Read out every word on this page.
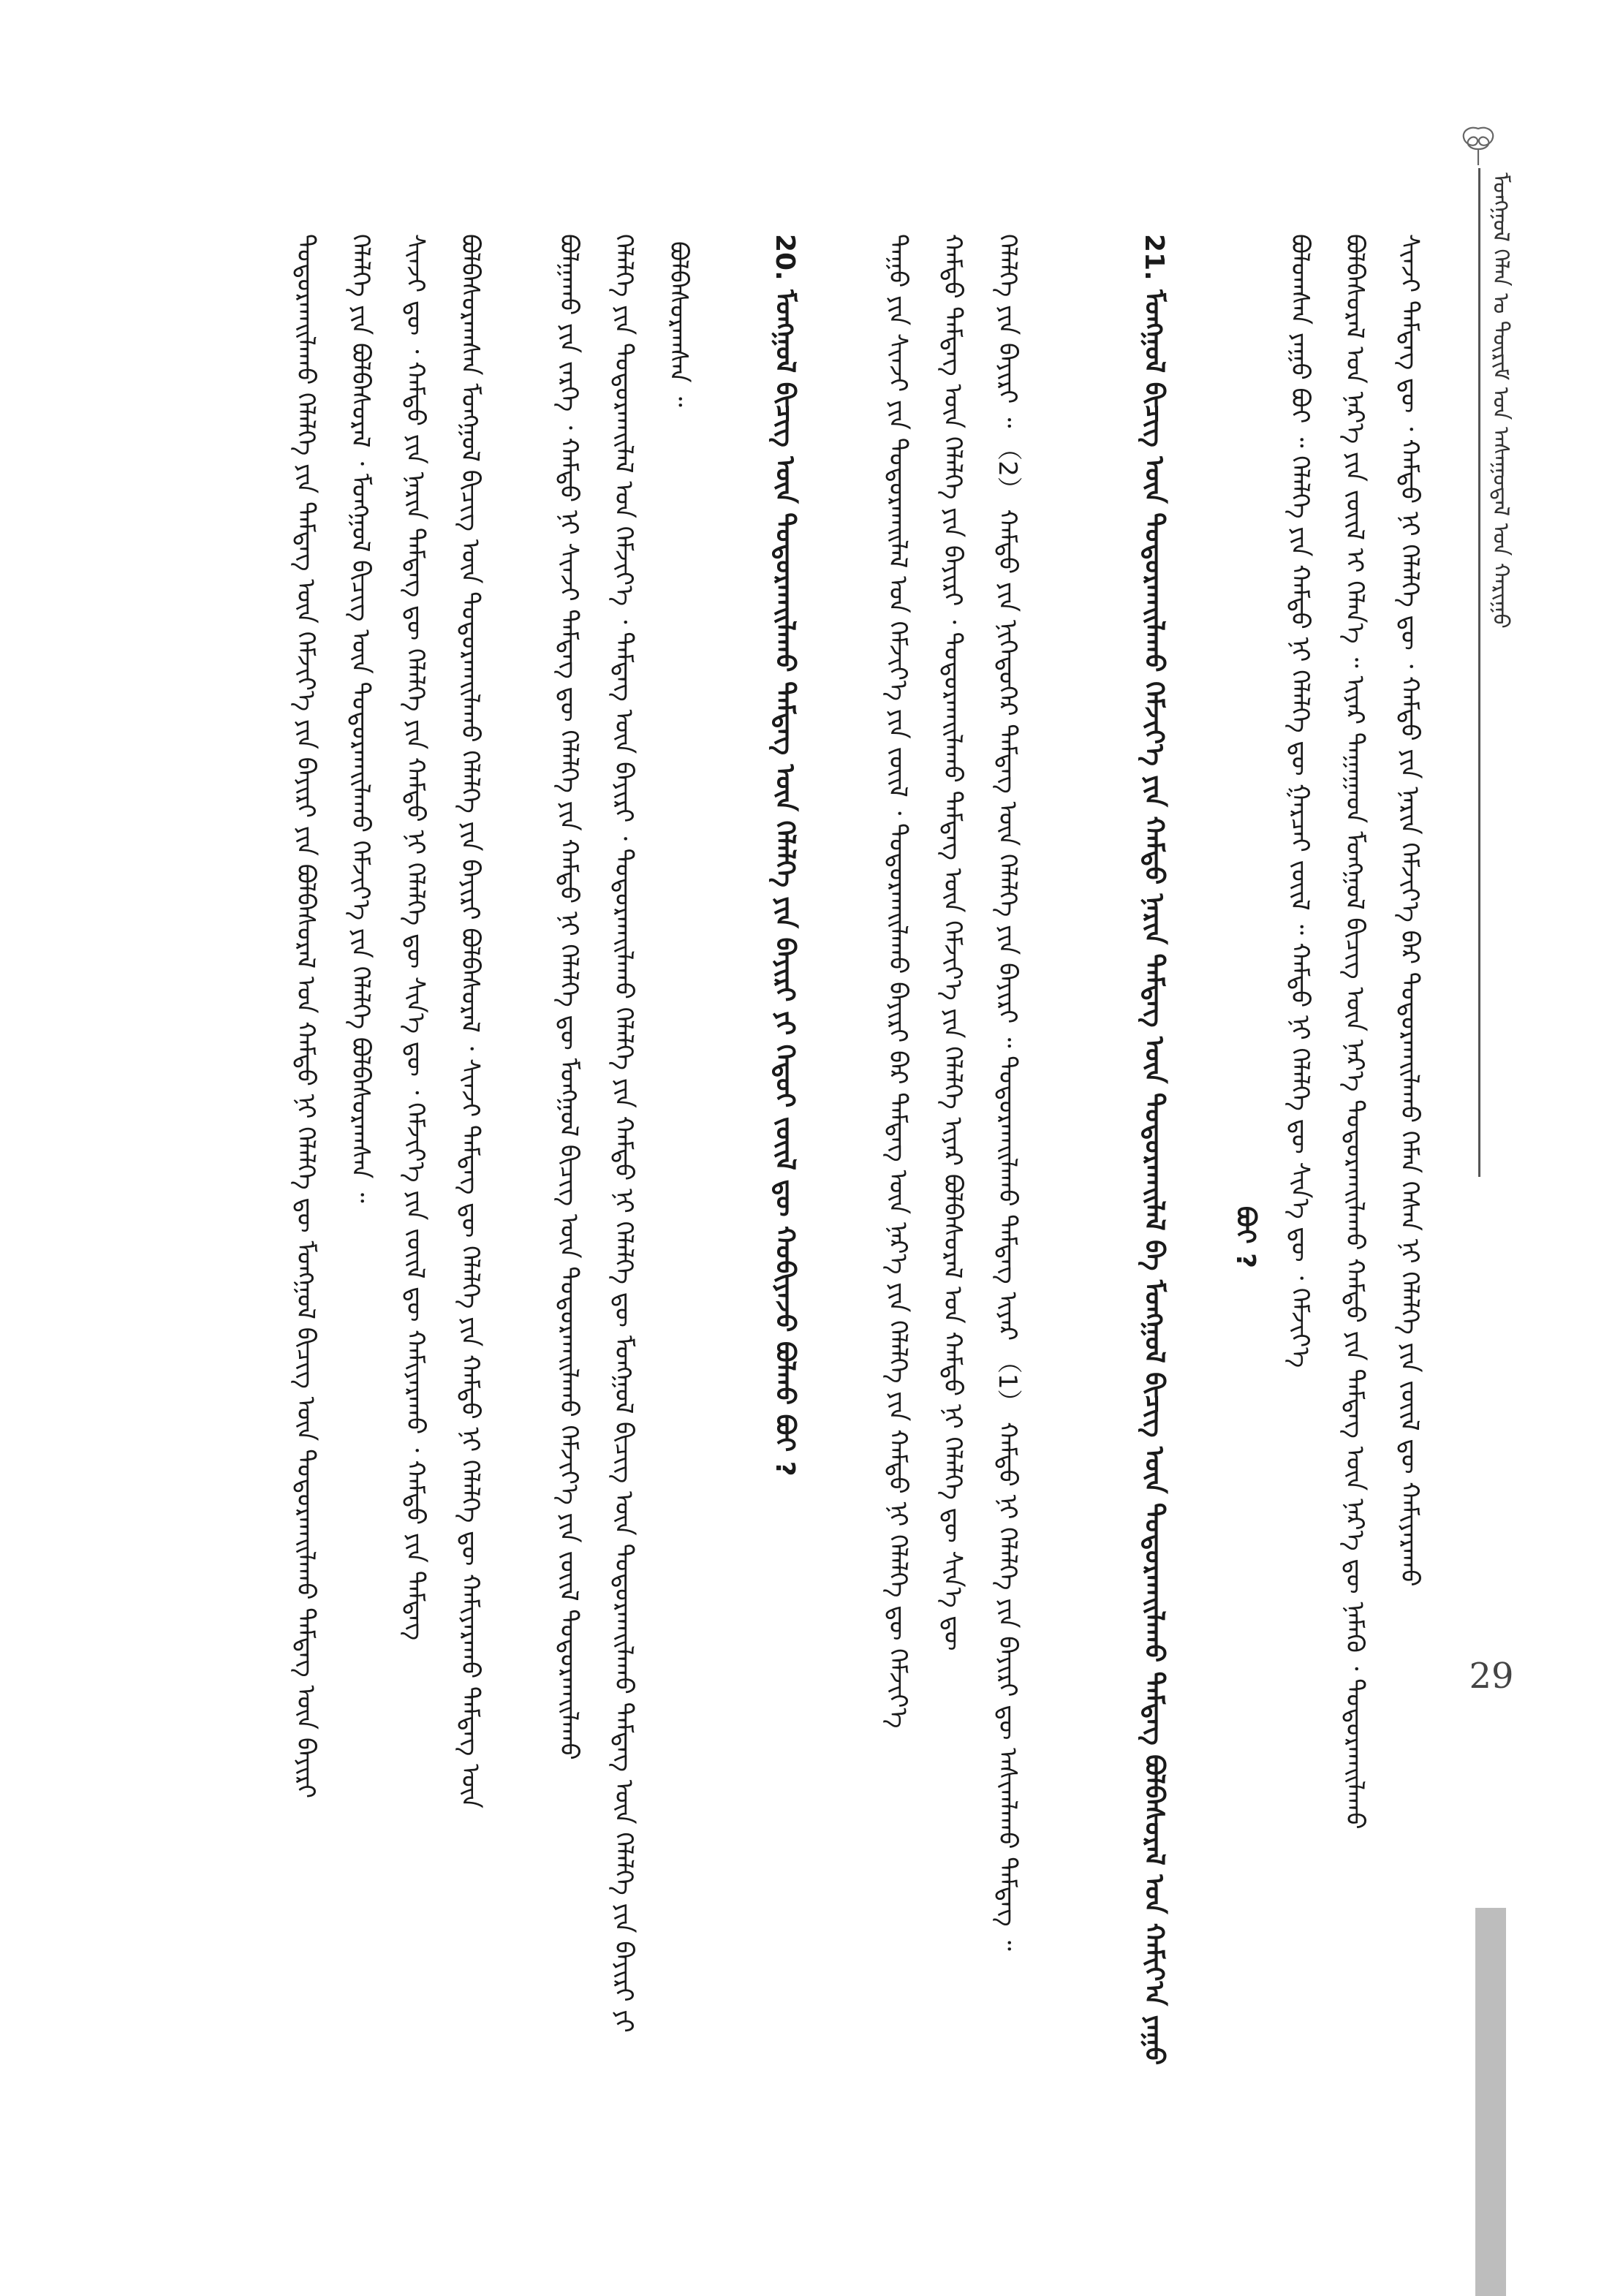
ᠮᠣᠩᠭᠣᠯ ᠬᠡᠯᠡᠨ ᠤ ᠳᠦᠷᠢᠮ ᠤᠨ ᠠᠰᠠᠭᠤᠳᠠᠯ ᠤᠨ ᠬᠠᠷᠢᠭᠤ
29
ᠰᠢᠨᠵᠢ ᠲᠡᠮᠳᠡᠭ ᠳᠦ ᠂ ᠬᠠᠮᠲᠤ ᠨᠢ ᠬᠡᠯᠡᠯᠭᠡ ᠳᠦ ᠂ ᠬᠠᠮᠲᠤ ᠶᠢᠨ ᠨᠠᠷᠢᠨ ᠬᠡᠮᠵᠢᠶ᠎ᠡ ᠪᠠᠷ ᠲᠣᠳᠤᠷᠬᠠᠢᠯᠠᠬᠤ ᠬᠡᠮᠡᠨ ᠭᠡᠰᠡᠨ ᠨᠢ ᠬᠡᠯᠡᠯᠭᠡ ᠶᠢᠨ ᠵᠦᠢᠯ ᠳᠦ ᠬᠠᠮᠢᠶᠠᠷᠠᠬᠤ
ᠪᠣᠯᠪᠠᠰᠤᠷᠠᠯ ᠤᠨ ᠨᠡᠷ᠎ᠡ ᠶᠢᠨ ᠵᠦᠢᠯ ᠢ ᠬᠡᠯᠡᠨ᠎ᠡ ᠃ ᠢᠶᠡᠷ ᠳᠠᠭᠠᠭᠠᠳ ᠮᠣᠩᠭᠣᠯ ᠪᠢᠴᠢᠭ ᠦᠨ ᠨᠡᠷ᠎ᠡ ᠲᠣᠳᠤᠷᠬᠠᠢᠯᠠᠬᠤ ᠬᠠᠮᠲᠤ ᠶᠢᠨ ᠲᠡᠮᠳᠡᠭ ᠦᠨ ᠨᠡᠷ᠎ᠡ ᠳᠦ ᠨᠡᠮᠡᠬᠦ ᠂ ᠲᠣᠳᠤᠷᠬᠠᠢᠯᠠᠬᠤ
ᠪᠣᠯᠣᠭᠰᠠᠨ ᠶᠠᠭᠤ ᠪᠤᠢ ᠃ ᠬᠡᠯᠡᠯᠭᠡ ᠶᠢᠨ ᠬᠠᠮᠲᠤ ᠨᠢ ᠬᠡᠯᠡᠯᠭᠡ ᠳᠦ ᠭᠠᠷᠴᠠᠢ ᠵᠦᠢᠯ ᠃ ᠬᠠᠮᠲᠤ ᠨᠢ ᠬᠡᠯᠡᠯᠭᠡ ᠳᠦ ᠰᠢᠨ᠎ᠡ ᠳᠦ ᠂ ᠬᠡᠮᠵᠢᠶ᠎ᠡ
ᠪᠣᠢ ?
21. ᠮᠣᠩᠭᠣᠯ ᠪᠢᠴᠢᠭ ᠦᠨ ᠲᠣᠳᠤᠷᠬᠠᠢᠯᠠᠬᠤ ᠬᠡᠮᠵᠢᠶ᠎ᠡ ᠶᠢᠨ ᠬᠠᠮᠲᠤ ᠨᠠᠷᠢᠨ ᠲᠡᠮᠳᠡᠭ ᠦᠨ ᠲᠣᠳᠤᠷᠬᠠᠢᠯᠠᠯ ᠪᠠ ᠮᠣᠩᠭᠣᠯ ᠪᠢᠴᠢᠭ ᠦᠨ ᠲᠣᠳᠤᠷᠬᠠᠢᠯᠠᠬᠤ ᠲᠡᠮᠳᠡᠭ ᠪᠣᠯᠪᠠᠰᠤᠷᠠᠯ ᠤᠨ ᠬᠠᠮᠢᠶ᠎ᠠ ᠶᠠᠭᠤ
ᠬᠡᠯᠡᠯᠭᠡ ᠶᠢᠨ ᠪᠠᠶᠢᠷᠢ ᠃ （2） ᠬᠠᠮᠲᠤ ᠶᠢᠨ ᠨᠢᠭᠡᠳᠦᠭᠡᠷ ᠲᠡᠮᠳᠡᠭ ᠦᠨ ᠬᠡᠯᠡᠯᠭᠡ ᠶᠢᠨ ᠪᠠᠶᠢᠷᠢ ᠃ ᠲᠣᠳᠤᠷᠬᠠᠢᠯᠠᠬᠤ ᠲᠡᠮᠳᠡᠭ ᠢᠶᠡᠷ （1） ᠬᠠᠮᠲᠤ ᠨᠢ ᠬᠡᠯᠡᠯᠭᠡ ᠶᠢᠨ ᠪᠠᠶᠢᠷᠢ ᠳᠦ ᠠᠰᠢᠭᠯᠠᠬᠤ ᠲᠡᠮᠳᠡᠭ ᠃
ᠬᠠᠮᠲᠤ ᠲᠡᠮᠳᠡᠭ ᠦᠨ ᠬᠡᠯᠡᠯᠭᠡ ᠶᠢᠨ ᠪᠠᠶᠢᠷᠢ ᠂ ᠲᠣᠳᠤᠷᠬᠠᠢᠯᠠᠬᠤ ᠲᠡᠮᠳᠡᠭ ᠦᠨ ᠬᠡᠮᠵᠢᠶ᠎ᠡ ᠶᠢᠨ ᠬᠡᠯᠡᠯᠭᠡ ᠢᠶᠡᠷ ᠪᠣᠯᠪᠠᠰᠤᠷᠠᠯ ᠤᠨ ᠬᠠᠮᠲᠤ ᠨᠢ ᠬᠡᠯᠡᠯᠭᠡ ᠳᠦ ᠰᠢᠨ᠎ᠡ ᠳᠦ
ᠳᠠᠭᠤ ᠶᠢᠨ ᠰᠢᠨᠵᠢ ᠶᠢᠨ ᠲᠣᠳᠤᠷᠬᠠᠢᠯᠠᠯ ᠤᠨ ᠬᠡᠮᠵᠢᠶ᠎ᠡ ᠶᠢᠨ ᠵᠦᠢᠯ ᠂ ᠲᠣᠳᠤᠷᠬᠠᠢᠯᠠᠬᠤ ᠪᠠᠶᠢᠷᠢ ᠪᠠᠷ ᠲᠡᠮᠳᠡᠭ ᠦᠨ ᠨᠡᠷ᠎ᠡ ᠶᠢᠨ ᠬᠡᠯᠡᠯᠭᠡ ᠶᠢᠨ ᠬᠠᠮᠲᠤ ᠨᠢ ᠬᠡᠯᠡᠯᠭᠡ ᠳᠦ ᠬᠡᠮᠵᠢᠶ᠎ᠡ
20. ᠮᠣᠩᠭᠣᠯ ᠪᠢᠴᠢᠭ ᠦᠨ ᠲᠣᠳᠤᠷᠬᠠᠢᠯᠠᠬᠤ ᠲᠡᠮᠳᠡᠭ ᠦᠨ ᠬᠡᠯᠡᠯᠭᠡ ᠶᠢᠨ ᠪᠠᠶᠢᠷᠢ ᠶᠢ ᠬᠡᠳᠦᠢ ᠵᠦᠢᠯ ᠳᠦ ᠬᠤᠪᠢᠶᠠᠵᠤ ᠪᠣᠯᠬᠤ ᠪᠣᠢ ?
ᠪᠣᠯᠪᠠᠰᠤᠷᠠᠭᠰᠠᠨ ᠃
ᠬᠡᠯᠡᠯᠭᠡ ᠶᠢᠨ ᠲᠣᠳᠤᠷᠬᠠᠢᠯᠠᠯ ᠤᠨ ᠬᠡᠮᠵᠢᠶ᠎ᠡ ᠂ ᠲᠡᠮᠳᠡᠭ ᠦᠨ ᠪᠠᠶᠢᠷᠢ ᠂ ᠲᠣᠳᠤᠷᠬᠠᠢᠯᠠᠬᠤ ᠬᠡᠯᠡᠯᠭᠡ ᠶᠢᠨ ᠬᠠᠮᠲᠤ ᠨᠢ ᠬᠡᠯᠡᠯᠭᠡ ᠳᠦ ᠮᠣᠩᠭᠣᠯ ᠪᠢᠴᠢᠭ ᠦᠨ ᠲᠣᠳᠤᠷᠬᠠᠢᠯᠠᠬᠤ ᠲᠡᠮᠳᠡᠭ ᠦᠨ ᠬᠡᠯᠡᠯᠭᠡ ᠶᠢᠨ ᠪᠠᠶᠢᠷᠢ ᠶᠢ
ᠪᠣᠯᠭᠠᠬᠤ ᠶᠢᠨ ᠵᠡᠷᠭᠡ ᠂ ᠬᠠᠮᠲᠤ ᠨᠢ ᠰᠢᠨᠵᠢ ᠲᠡᠮᠳᠡᠭ ᠳᠦ ᠬᠡᠯᠡᠯᠭᠡ ᠶᠢᠨ ᠬᠠᠮᠲᠤ ᠨᠢ ᠬᠡᠯᠡᠯᠭᠡ ᠳᠦ ᠮᠣᠩᠭᠣᠯ ᠪᠢᠴᠢᠭ ᠦᠨ ᠲᠣᠳᠤᠷᠬᠠᠢᠯᠠᠬᠤ ᠬᠡᠮᠵᠢᠶ᠎ᠡ ᠶᠢᠨ ᠵᠦᠢᠯ ᠲᠣᠳᠤᠷᠬᠠᠢᠯᠠᠬᠤ
ᠪᠣᠯᠪᠠᠰᠤᠷᠠᠭᠰᠠᠨ ᠮᠣᠩᠭᠣᠯ ᠪᠢᠴᠢᠭ ᠦᠨ ᠲᠣᠳᠤᠷᠬᠠᠢᠯᠠᠬᠤ ᠬᠡᠯᠡᠯᠭᠡ ᠶᠢᠨ ᠪᠠᠶᠢᠷᠢ ᠪᠣᠯᠪᠠᠰᠤᠷᠠᠯ ᠂ ᠰᠢᠨᠵᠢ ᠲᠡᠮᠳᠡᠭ ᠳᠦ ᠬᠡᠯᠡᠯᠭᠡ ᠶᠢᠨ ᠬᠠᠮᠲᠤ ᠨᠢ ᠬᠡᠯᠡᠯᠭᠡ ᠳᠦ ᠬᠠᠮᠢᠶᠠᠷᠠᠬᠤ ᠲᠡᠮᠳᠡᠭ ᠦᠨ
ᠰᠢᠨᠵᠢ ᠳᠦ ᠂ ᠬᠠᠮᠲᠤ ᠶᠢᠨ ᠨᠠᠷᠢᠨ ᠲᠡᠮᠳᠡᠭ ᠳᠦ ᠬᠡᠯᠡᠯᠭᠡ ᠶᠢᠨ ᠬᠠᠮᠲᠤ ᠨᠢ ᠬᠡᠯᠡᠯᠭᠡ ᠳᠦ ᠰᠢᠨ᠎ᠡ ᠳᠦ ᠂ ᠬᠡᠮᠵᠢᠶ᠎ᠡ ᠶᠢᠨ ᠵᠦᠢᠯ ᠳᠦ ᠬᠠᠮᠢᠶᠠᠷᠠᠬᠤ ᠂ ᠬᠠᠮᠲᠤ ᠶᠢᠨ ᠲᠡᠮᠳᠡᠭ
ᠬᠡᠯᠡᠯᠭᠡ ᠶᠢᠨ ᠪᠣᠯᠪᠠᠰᠤᠷᠠᠯ ᠂ ᠮᠣᠩᠭᠣᠯ ᠪᠢᠴᠢᠭ ᠦᠨ ᠲᠣᠳᠤᠷᠬᠠᠢᠯᠠᠬᠤ ᠬᠡᠮᠵᠢᠶ᠎ᠡ ᠶᠢᠨ ᠬᠡᠯᠡᠯᠭᠡ ᠪᠣᠯᠪᠠᠰᠤᠷᠠᠭᠰᠠᠨ ᠃
ᠲᠣᠳᠤᠷᠬᠠᠢᠯᠠᠬᠤ ᠬᠡᠯᠡᠯᠭᠡ ᠶᠢᠨ ᠲᠡᠮᠳᠡᠭ ᠦᠨ ᠬᠡᠮᠵᠢᠶ᠎ᠡ ᠶᠢᠨ ᠪᠠᠶᠢᠷᠢ ᠶᠢᠨ ᠪᠣᠯᠪᠠᠰᠤᠷᠠᠯ ᠤᠨ ᠬᠠᠮᠲᠤ ᠨᠢ ᠬᠡᠯᠡᠯᠭᠡ ᠳᠦ ᠮᠣᠩᠭᠣᠯ ᠪᠢᠴᠢᠭ ᠦᠨ ᠲᠣᠳᠤᠷᠬᠠᠢᠯᠠᠬᠤ ᠲᠡᠮᠳᠡᠭ ᠦᠨ ᠪᠠᠶᠢᠷᠢ
